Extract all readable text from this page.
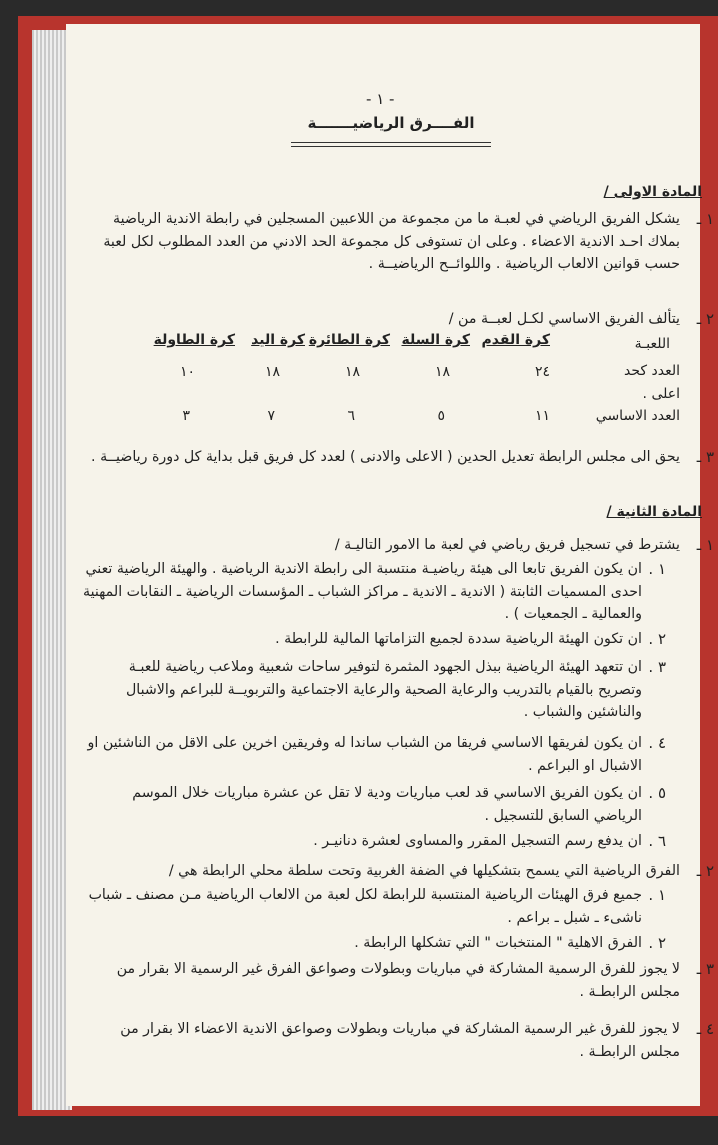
- ١ -
الفــــرق الرياضيـــــــة
المادة الاولى /
١ ـ
يشكل الفريق الرياضي في لعبـة ما من مجموعة من اللاعبين المسجلين في رابطة الاندية الرياضية بملاك احـد الاندية الاعضاء . وعلى ان تستوفى كل مجموعة الحد الادني من العدد المطلوب لكل لعبة حسب قوانين الالعاب الرياضية . واللوائــح الرياضيــة .
٢ ـ
يتألف الفريق الاساسي لكـل لعبــة من /
اللعبـة
كرة القدم
كرة السلة
كرة الطائرة
كرة اليد
كرة الطاولة
العدد كحد اعلى .
٢٤
١٨
١٨
١٨
١٠
العدد الاساسي
١١
٥
٦
٧
٣
٣ ـ
يحق الى مجلس الرابطة تعديل الحدين ( الاعلى والادنى ) لعدد كل فريق قبل بداية كل دورة رياضيــة .
المادة الثانية /
١ ـ
يشترط في تسجيل فريق رياضي في لعبة ما الامور التاليـة /
١ .
ان يكون الفريق تابعا الى هيئة رياضيـة منتسبة الى رابطة الاندية الرياضية . والهيئة الرياضية تعني احدى المسميات الثابتة ( الاندية ـ الاندية ـ مراكز الشباب ـ المؤسسات الرياضية ـ النقابات المهنية والعمالية ـ الجمعيات ) .
٢ .
ان تكون الهيئة الرياضية سددة لجميع التزاماتها المالية للرابطة .
٣ .
ان تتعهد الهيئة الرياضية ببذل الجهود المثمرة لتوفير ساحات شعبية وملاعب رياضية للعبـة وتصريح بالقيام بالتدريب والرعاية الصحية والرعاية الاجتماعية والتربويــة للبراعم والاشبال والناشئين والشباب .
٤ .
ان يكون لفريقها الاساسي فريقا من الشباب ساندا له وفريقين اخرين على الاقل من الناشئين او الاشبال او البراعم .
٥ .
ان يكون الفريق الاساسي قد لعب مباريات ودية لا تقل عن عشرة مباريات خلال الموسم الرياضي السابق للتسجيل .
٦ .
ان يدفع رسم التسجيل المقرر والمساوى لعشرة دنانيـر .
٢ ـ
الفرق الرياضية التي يسمح بتشكيلها في الضفة الغربية وتحت سلطة محلي الرابطة هي /
١ .
جميع فرق الهيئات الرياضية المنتسبة للرابطة لكل لعبة من الالعاب الرياضية مـن مصنف ـ شباب ناشىء ـ شبل ـ براعم .
٢ .
الفرق الاهلية " المنتخبات " التي تشكلها الرابطة .
٣ ـ
لا يجوز للفرق الرسمية المشاركة في مباريات وبطولات وصواعق الفرق غير الرسمية الا بقرار من مجلس الرابطـة .
٤ ـ
لا يجوز للفرق غير الرسمية المشاركة في مباريات وبطولات وصواعق الاندية الاعضاء الا بقرار من مجلس الرابطـة .
